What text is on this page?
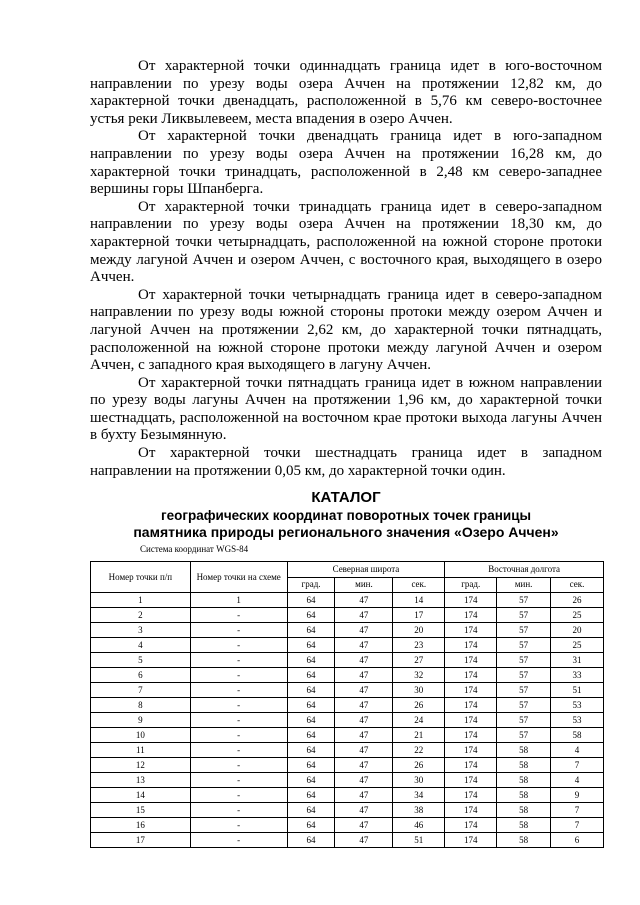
От характерной точки одиннадцать граница идет в юго-восточном направлении по урезу воды озера Аччен на протяжении 12,82 км, до характерной точки двенадцать, расположенной в 5,76 км северо-восточнее устья реки Ликвылевеем, места впадения в озеро Аччен.

От характерной точки двенадцать граница идет в юго-западном направлении по урезу воды озера Аччен на протяжении 16,28 км, до характерной точки тринадцать, расположенной в 2,48 км северо-западнее вершины горы Шпанберга.

От характерной точки тринадцать граница идет в северо-западном направлении по урезу воды озера Аччен на протяжении 18,30 км, до характерной точки четырнадцать, расположенной на южной стороне протоки между лагуной Аччен и озером Аччен, с восточного края, выходящего в озеро Аччен.

От характерной точки четырнадцать граница идет в северо-западном направлении по урезу воды южной стороны протоки между озером Аччен и лагуной Аччен на протяжении 2,62 км, до характерной точки пятнадцать, расположенной на южной стороне протоки между лагуной Аччен и озером Аччен, с западного края выходящего в лагуну Аччен.

От характерной точки пятнадцать граница идет в южном направлении по урезу воды лагуны Аччен на протяжении 1,96 км, до характерной точки шестнадцать, расположенной на восточном крае протоки выхода лагуны Аччен в бухту Безымянную.

От характерной точки шестнадцать граница идет в западном направлении на протяжении 0,05 км, до характерной точки один.

КАТАЛОГ
географических координат поворотных точек границы
памятника природы регионального значения «Озеро Аччен»
Система координат WGS-84
Номер точки п/п	Номер точки на схеме	Северная широта			Восточная долгота		
		град.	мин.	сек.	град.	мин.	сек.
1	1	64	47	14	174	57	26
2	-	64	47	17	174	57	25
3	-	64	47	20	174	57	20
4	-	64	47	23	174	57	25
5	-	64	47	27	174	57	31
6	-	64	47	32	174	57	33
7	-	64	47	30	174	57	51
8	-	64	47	26	174	57	53
9	-	64	47	24	174	57	53
10	-	64	47	21	174	57	58
11	-	64	47	22	174	58	4
12	-	64	47	26	174	58	7
13	-	64	47	30	174	58	4
14	-	64	47	34	174	58	9
15	-	64	47	38	174	58	7
16	-	64	47	46	174	58	7
17	-	64	47	51	174	58	6
